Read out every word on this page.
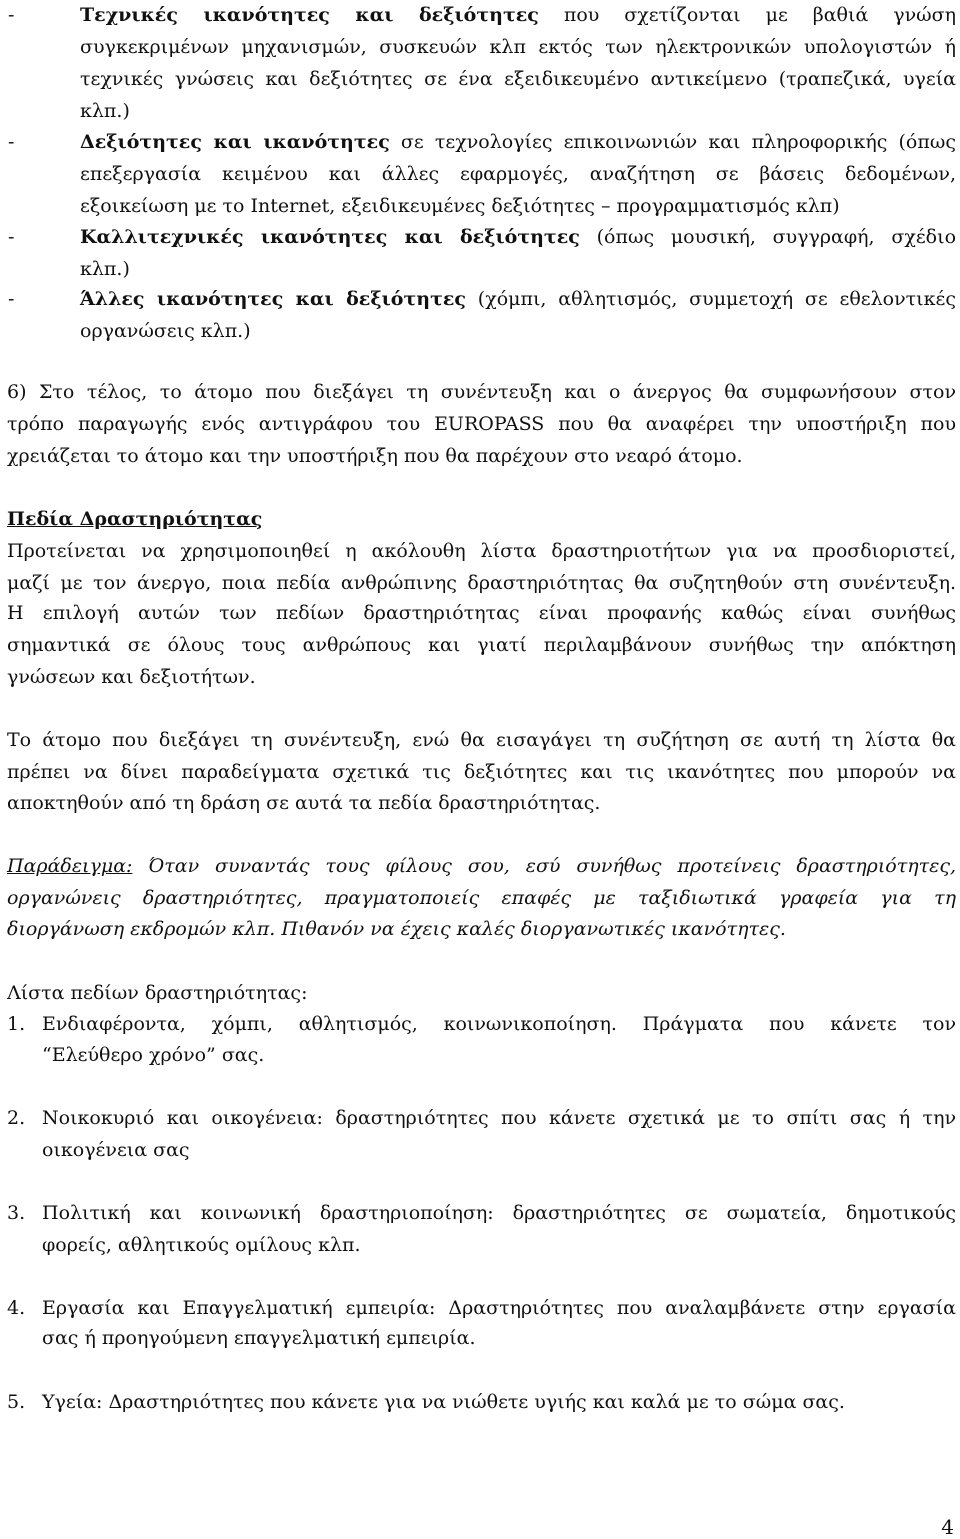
-	Τεχνικές ικανότητες και δεξιότητες που σχετίζονται με βαθιά γνώση
συγκεκριμένων μηχανισμών, συσκευών κλπ εκτός των ηλεκτρονικών υπολογιστών ή
τεχνικές γνώσεις και δεξιότητες σε ένα εξειδικευμένο αντικείμενο (τραπεζικά, υγεία
κλπ.)
-	Δεξιότητες και ικανότητες σε τεχνολογίες επικοινωνιών και πληροφορικής (όπως
επεξεργασία κειμένου και άλλες εφαρμογές, αναζήτηση σε βάσεις δεδομένων,
εξοικείωση με το Internet, εξειδικευμένες δεξιότητες – προγραμματισμός κλπ)
-	Καλλιτεχνικές ικανότητες και δεξιότητες (όπως μουσική, συγγραφή, σχέδιο
κλπ.)
-	Άλλες ικανότητες και δεξιότητες (χόμπι, αθλητισμός, συμμετοχή σε εθελοντικές
οργανώσεις κλπ.)
6) Στο τέλος, το άτομο που διεξάγει τη συνέντευξη και ο άνεργος θα συμφωνήσουν στον
τρόπο παραγωγής ενός αντιγράφου του EUROPASS που θα αναφέρει την υποστήριξη που
χρειάζεται το άτομο και την υποστήριξη που θα παρέχουν στο νεαρό άτομο.
Πεδία Δραστηριότητας
Προτείνεται να χρησιμοποιηθεί η ακόλουθη λίστα δραστηριοτήτων για να προσδιοριστεί,
μαζί με τον άνεργο, ποια πεδία ανθρώπινης δραστηριότητας θα συζητηθούν στη συνέντευξη.
Η επιλογή αυτών των πεδίων δραστηριότητας είναι προφανής καθώς είναι συνήθως
σημαντικά σε όλους τους ανθρώπους και γιατί περιλαμβάνουν συνήθως την απόκτηση
γνώσεων και δεξιοτήτων.
Το άτομο που διεξάγει τη συνέντευξη, ενώ θα εισαγάγει τη συζήτηση σε αυτή τη λίστα θα
πρέπει να δίνει παραδείγματα σχετικά τις δεξιότητες και τις ικανότητες που μπορούν να
αποκτηθούν από τη δράση σε αυτά τα πεδία δραστηριότητας.
Παράδειγμα: Όταν συναντάς τους φίλους σου, εσύ συνήθως προτείνεις δραστηριότητες,
οργανώνεις δραστηριότητες, πραγματοποιείς επαφές με ταξιδιωτικά γραφεία για τη
διοργάνωση εκδρομών κλπ. Πιθανόν να έχεις καλές διοργανωτικές ικανότητες.
Λίστα πεδίων δραστηριότητας:
1. Ενδιαφέροντα, χόμπι, αθλητισμός, κοινωνικοποίηση. Πράγματα που κάνετε τον
“Ελεύθερο χρόνο” σας.
2. Νοικοκυριό και οικογένεια: δραστηριότητες που κάνετε σχετικά με το σπίτι σας ή την
οικογένεια σας
3. Πολιτική και κοινωνική δραστηριοποίηση: δραστηριότητες σε σωματεία, δημοτικούς
φορείς, αθλητικούς ομίλους κλπ.
4. Εργασία και Επαγγελματική εμπειρία: Δραστηριότητες που αναλαμβάνετε στην εργασία
σας ή προηγούμενη επαγγελματική εμπειρία.
5. Υγεία: Δραστηριότητες που κάνετε για να νιώθετε υγιής και καλά με το σώμα σας.
4
